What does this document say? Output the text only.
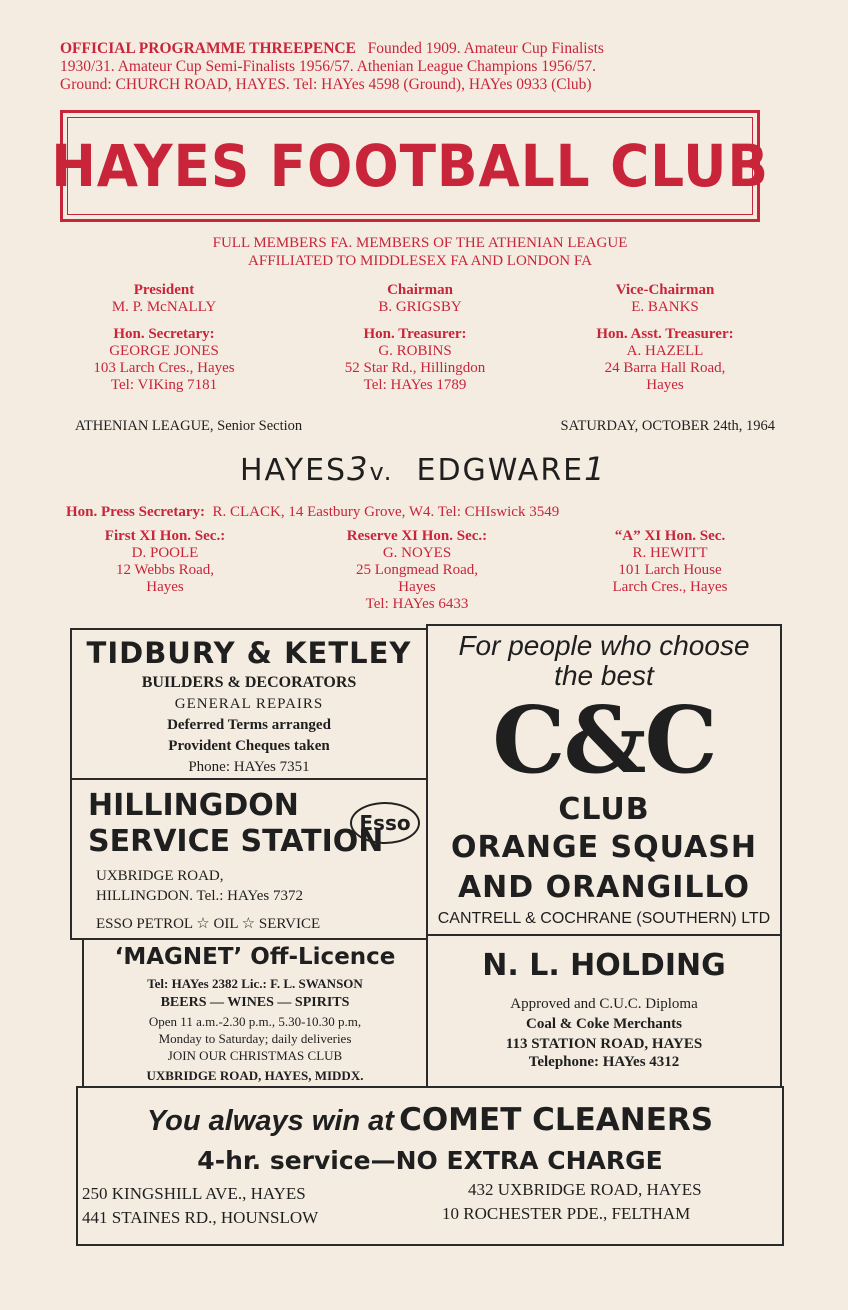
OFFICIAL PROGRAMME THREEPENCE Founded 1909. Amateur Cup Finalists
1930/31. Amateur Cup Semi-Finalists 1956/57. Athenian League Champions 1956/57.
Ground: CHURCH ROAD, HAYES. Tel: HAYes 4598 (Ground), HAYes 0933 (Club)
HAYES FOOTBALL CLUB
FULL MEMBERS FA. MEMBERS OF THE ATHENIAN LEAGUE
AFFILIATED TO MIDDLESEX FA AND LONDON FA
President
M. P. McNALLY
Chairman
B. GRIGSBY
Vice-Chairman
E. BANKS
Hon. Secretary:
GEORGE JONES
103 Larch Cres., Hayes
Tel: VIKing 7181
Hon. Treasurer:
G. ROBINS
52 Star Rd., Hillingdon
Tel: HAYes 1789
Hon. Asst. Treasurer:
A. HAZELL
24 Barra Hall Road,
Hayes
ATHENIAN LEAGUE, Senior Section	SATURDAY, OCTOBER 24th, 1964
HAYES3v. EDGWARE1
Hon. Press Secretary: R. CLACK, 14 Eastbury Grove, W4. Tel: CHIswick 3549
First XI Hon. Sec.:
D. POOLE
12 Webbs Road,
Hayes
Reserve XI Hon. Sec.:
G. NOYES
25 Longmead Road,
Hayes
Tel: HAYes 6433
“A” XI Hon. Sec.
R. HEWITT
101 Larch House
Larch Cres., Hayes
TIDBURY & KETLEY
BUILDERS & DECORATORS
GENERAL REPAIRS
Deferred Terms arranged
Provident Cheques taken
Phone: HAYes 7351
For people who choose
the best
C&C
CLUB
ORANGE SQUASH
AND ORANGILLO
CANTRELL & COCHRANE (SOUTHERN) LTD
HILLINGDON
SERVICE STATION
Esso
UXBRIDGE ROAD,
HILLINGDON. Tel.: HAYes 7372
ESSO PETROL ☆ OIL ☆ SERVICE
‘MAGNET’ Off-Licence
Tel: HAYes 2382 Lic.: F. L. SWANSON
BEERS — WINES — SPIRITS
Open 11 a.m.-2.30 p.m., 5.30-10.30 p.m,
Monday to Saturday; daily deliveries
JOIN OUR CHRISTMAS CLUB
UXBRIDGE ROAD, HAYES, MIDDX.
N. L. HOLDING
Approved and C.U.C. Diploma
Coal & Coke Merchants
113 STATION ROAD, HAYES
Telephone: HAYes 4312
You always win at COMET CLEANERS
4-hr. service—NO EXTRA CHARGE
250 KINGSHILL AVE., HAYES
441 STAINES RD., HOUNSLOW
432 UXBRIDGE ROAD, HAYES
10 ROCHESTER PDE., FELTHAM
